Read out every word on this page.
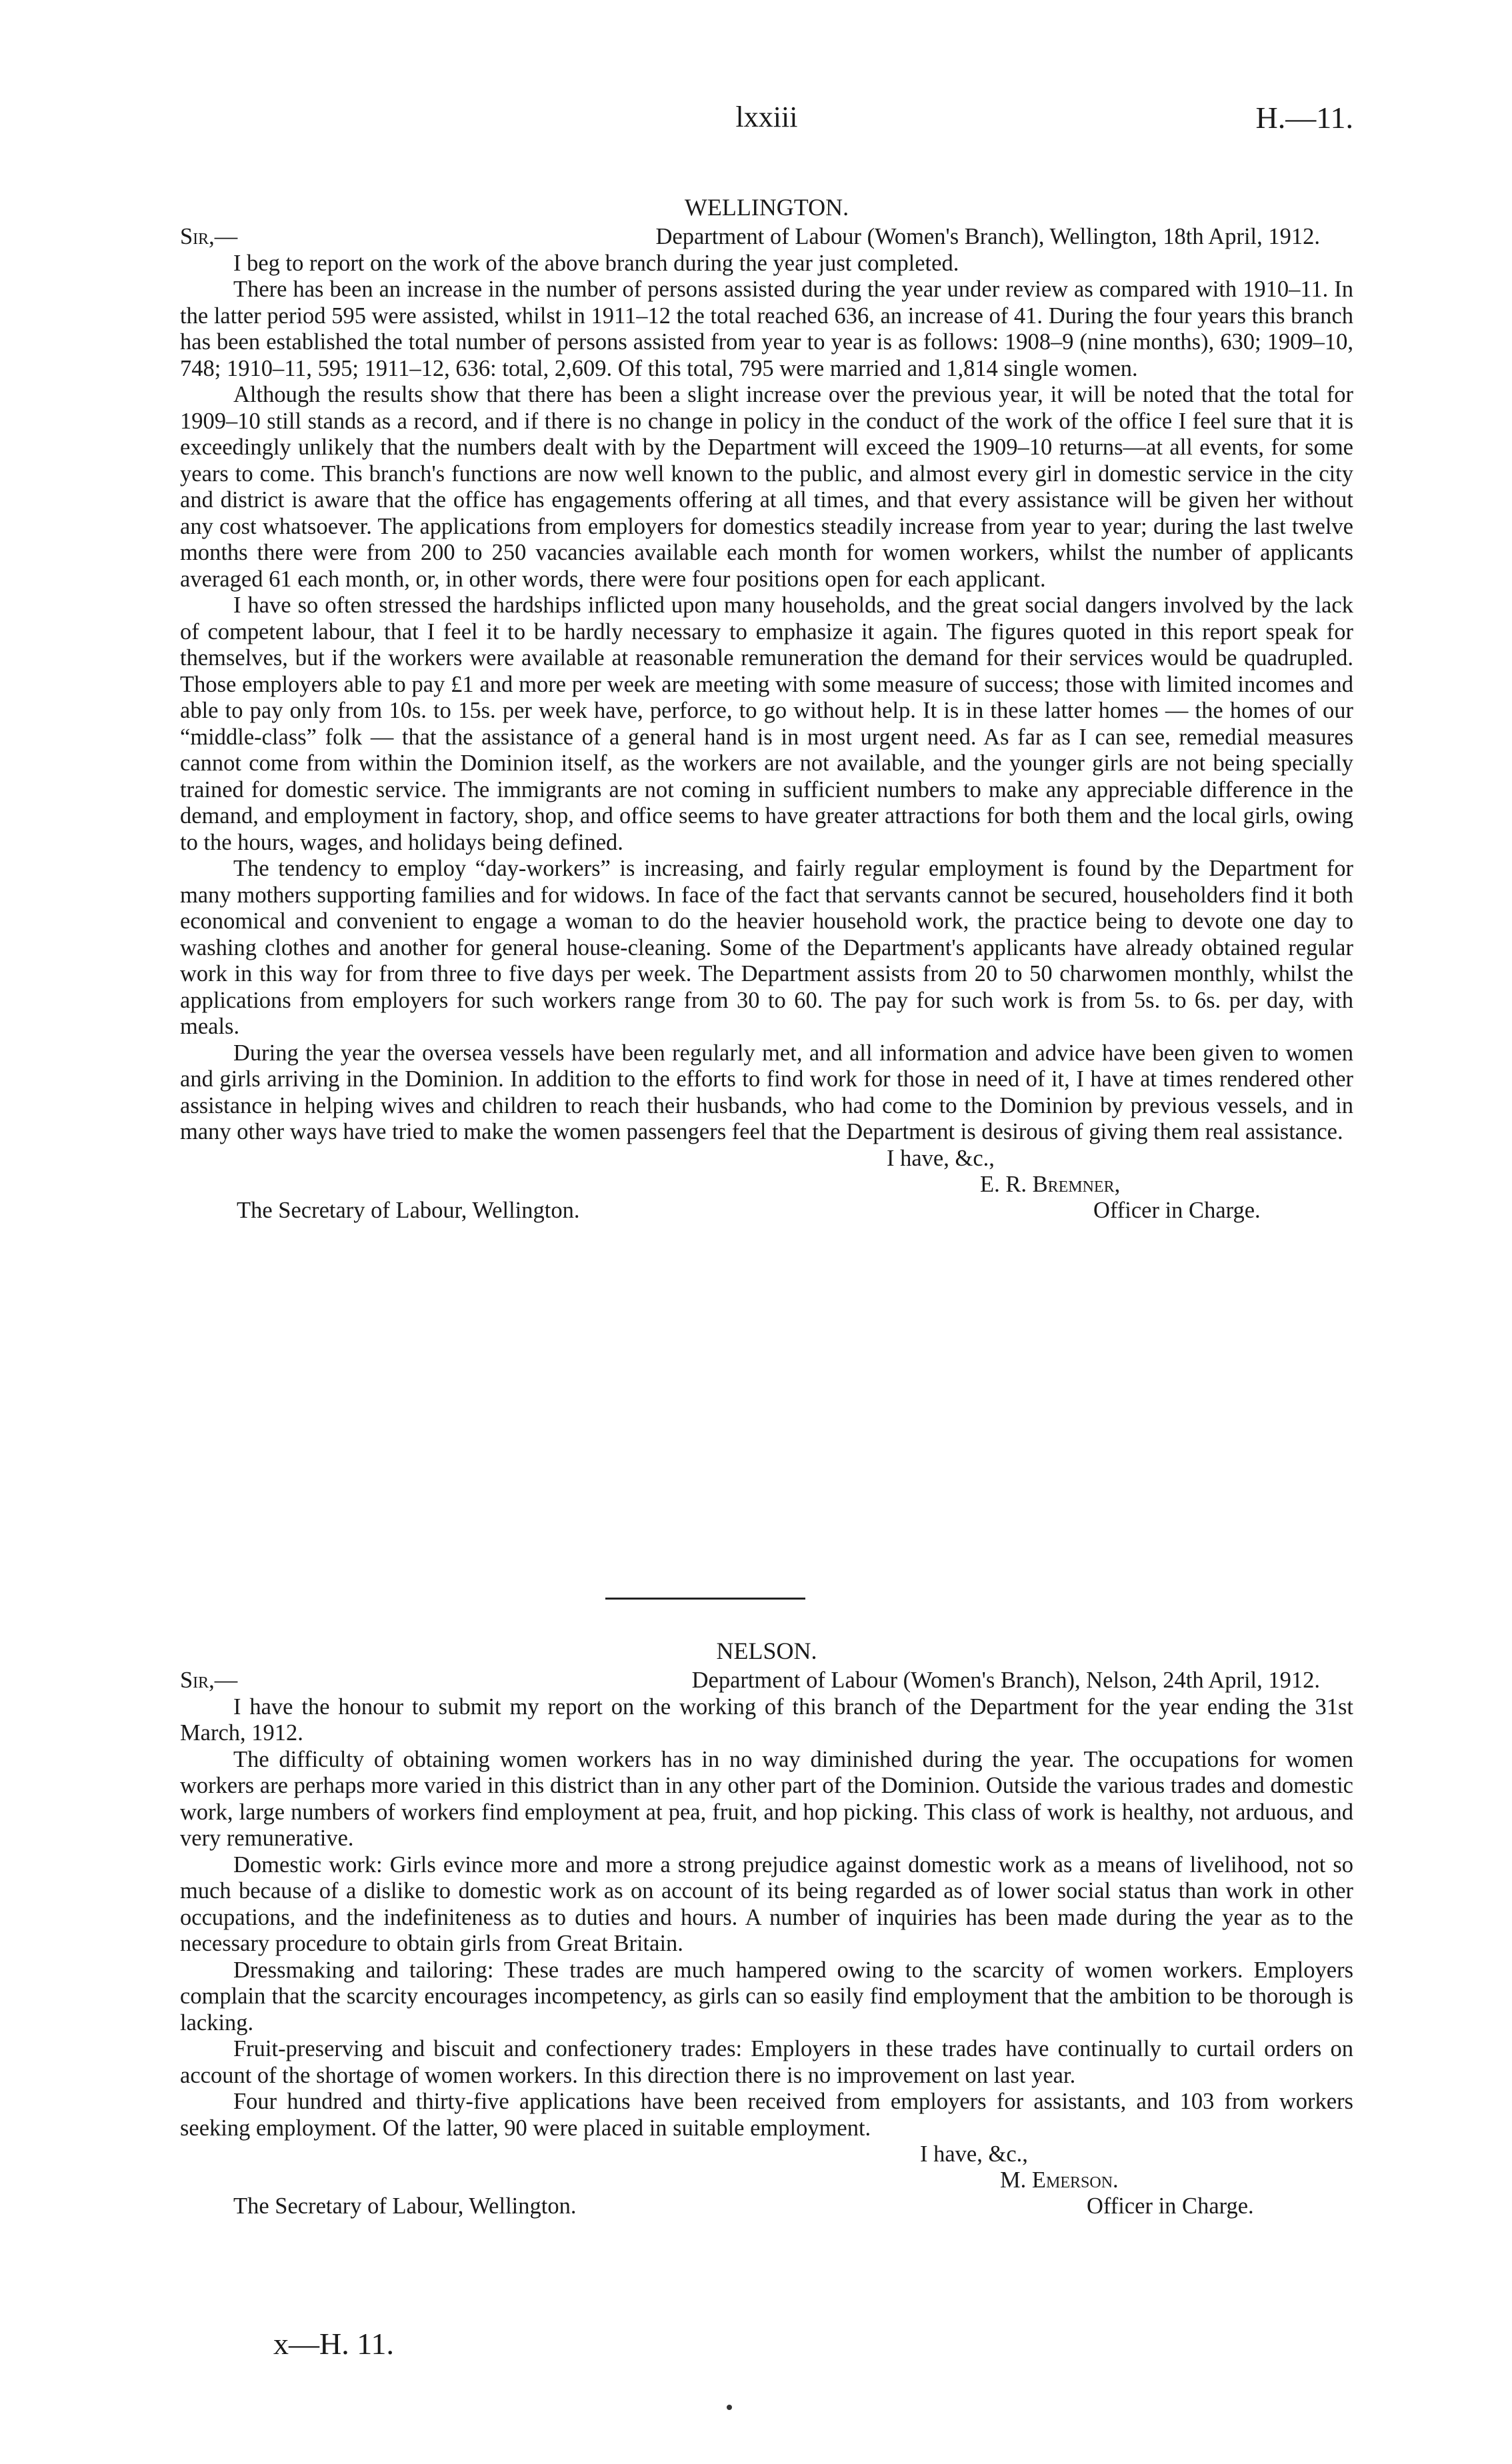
lxxiii	H.—11.
WELLINGTON.
Sir,—	Department of Labour (Women's Branch), Wellington, 18th April, 1912.

I beg to report on the work of the above branch during the year just completed.

There has been an increase in the number of persons assisted during the year under review as compared with 1910–11. In the latter period 595 were assisted, whilst in 1911–12 the total reached 636, an increase of 41. During the four years this branch has been established the total number of persons assisted from year to year is as follows: 1908–9 (nine months), 630; 1909–10, 748; 1910–11, 595; 1911–12, 636: total, 2,609. Of this total, 795 were married and 1,814 single women.

Although the results show that there has been a slight increase over the previous year, it will be noted that the total for 1909–10 still stands as a record, and if there is no change in policy in the conduct of the work of the office I feel sure that it is exceedingly unlikely that the numbers dealt with by the Department will exceed the 1909–10 returns—at all events, for some years to come. This branch's functions are now well known to the public, and almost every girl in domestic service in the city and district is aware that the office has engagements offering at all times, and that every assistance will be given her without any cost whatsoever. The applications from employers for domestics steadily increase from year to year; during the last twelve months there were from 200 to 250 vacancies available each month for women workers, whilst the number of applicants averaged 61 each month, or, in other words, there were four positions open for each applicant.

I have so often stressed the hardships inflicted upon many households, and the great social dangers involved by the lack of competent labour, that I feel it to be hardly necessary to emphasize it again. The figures quoted in this report speak for themselves, but if the workers were available at reasonable remuneration the demand for their services would be quadrupled. Those employers able to pay £1 and more per week are meeting with some measure of success; those with limited incomes and able to pay only from 10s. to 15s. per week have, perforce, to go without help. It is in these latter homes — the homes of our “middle-class” folk — that the assistance of a general hand is in most urgent need. As far as I can see, remedial measures cannot come from within the Dominion itself, as the workers are not available, and the younger girls are not being specially trained for domestic service. The immigrants are not coming in sufficient numbers to make any appreciable difference in the demand, and employment in factory, shop, and office seems to have greater attractions for both them and the local girls, owing to the hours, wages, and holidays being defined.

The tendency to employ “day-workers” is increasing, and fairly regular employment is found by the Department for many mothers supporting families and for widows. In face of the fact that servants cannot be secured, householders find it both economical and convenient to engage a woman to do the heavier household work, the practice being to devote one day to washing clothes and another for general house-cleaning. Some of the Department's applicants have already obtained regular work in this way for from three to five days per week. The Department assists from 20 to 50 charwomen monthly, whilst the applications from employers for such workers range from 30 to 60. The pay for such work is from 5s. to 6s. per day, with meals.

During the year the oversea vessels have been regularly met, and all information and advice have been given to women and girls arriving in the Dominion. In addition to the efforts to find work for those in need of it, I have at times rendered other assistance in helping wives and children to reach their husbands, who had come to the Dominion by previous vessels, and in many other ways have tried to make the women passengers feel that the Department is desirous of giving them real assistance.

I have, &c.,
E. R. Bremner,
The Secretary of Labour, Wellington.	Officer in Charge.
NELSON.
Sir,—	Department of Labour (Women's Branch), Nelson, 24th April, 1912.

I have the honour to submit my report on the working of this branch of the Department for the year ending the 31st March, 1912.

The difficulty of obtaining women workers has in no way diminished during the year. The occupations for women workers are perhaps more varied in this district than in any other part of the Dominion. Outside the various trades and domestic work, large numbers of workers find employment at pea, fruit, and hop picking. This class of work is healthy, not arduous, and very remunerative.

Domestic work: Girls evince more and more a strong prejudice against domestic work as a means of livelihood, not so much because of a dislike to domestic work as on account of its being regarded as of lower social status than work in other occupations, and the indefiniteness as to duties and hours. A number of inquiries has been made during the year as to the necessary procedure to obtain girls from Great Britain.

Dressmaking and tailoring: These trades are much hampered owing to the scarcity of women workers. Employers complain that the scarcity encourages incompetency, as girls can so easily find employment that the ambition to be thorough is lacking.

Fruit-preserving and biscuit and confectionery trades: Employers in these trades have continually to curtail orders on account of the shortage of women workers. In this direction there is no improvement on last year.

Four hundred and thirty-five applications have been received from employers for assistants, and 103 from workers seeking employment. Of the latter, 90 were placed in suitable employment.

I have, &c.,
M. Emerson.
The Secretary of Labour, Wellington.	Officer in Charge.
x—H. 11.
